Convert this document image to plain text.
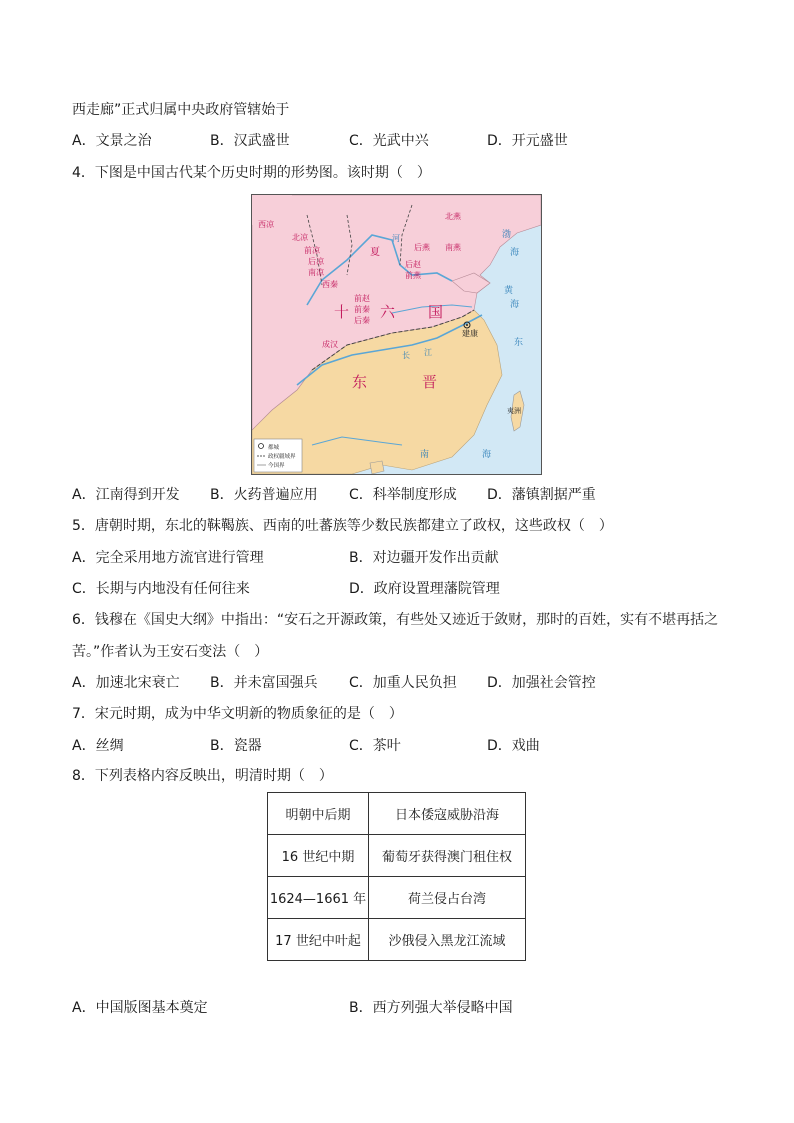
西走廊”正式归属中央政府管辖始于
A．文景之治	B．汉武盛世	C．光武中兴	D．开元盛世
4．下图是中国古代某个历史时期的形势图。该时期（　）
西凉
北凉
前凉
后凉
南凉
西秦
北燕
后燕
后赵
前燕
南燕
前赵
前秦
后秦
成汉
夏
十 六 国
东	晋
建康
河
长 江
渤
海
黄
海
东
南	海
夷洲
都城
政权疆域界
今国界
A．江南得到开发 B．火药普遍应用 C．科举制度形成 D．藩镇割据严重
5．唐朝时期，东北的靺鞨族、西南的吐蕃族等少数民族都建立了政权，这些政权（　）
A．完全采用地方流官进行管理	B．对边疆开发作出贡献
C．长期与内地没有任何往来	D．政府设置理藩院管理
6．钱穆在《国史大纲》中指出：“安石之开源政策，有些处又迹近于敛财，那时的百姓，实有不堪再括之
苦。”作者认为王安石变法（　）
A．加速北宋衰亡 B．并未富国强兵 C．加重人民负担 D．加强社会管控
7．宋元时期，成为中华文明新的物质象征的是（　）
A．丝绸	B．瓷器	C．茶叶	D．戏曲
8．下列表格内容反映出，明清时期（　）
明朝中后期	日本倭寇威胁沿海
16 世纪中期	葡萄牙获得澳门租住权
1624—1661 年	荷兰侵占台湾
17 世纪中叶起	沙俄侵入黑龙江流域
A．中国版图基本奠定	B．西方列强大举侵略中国
